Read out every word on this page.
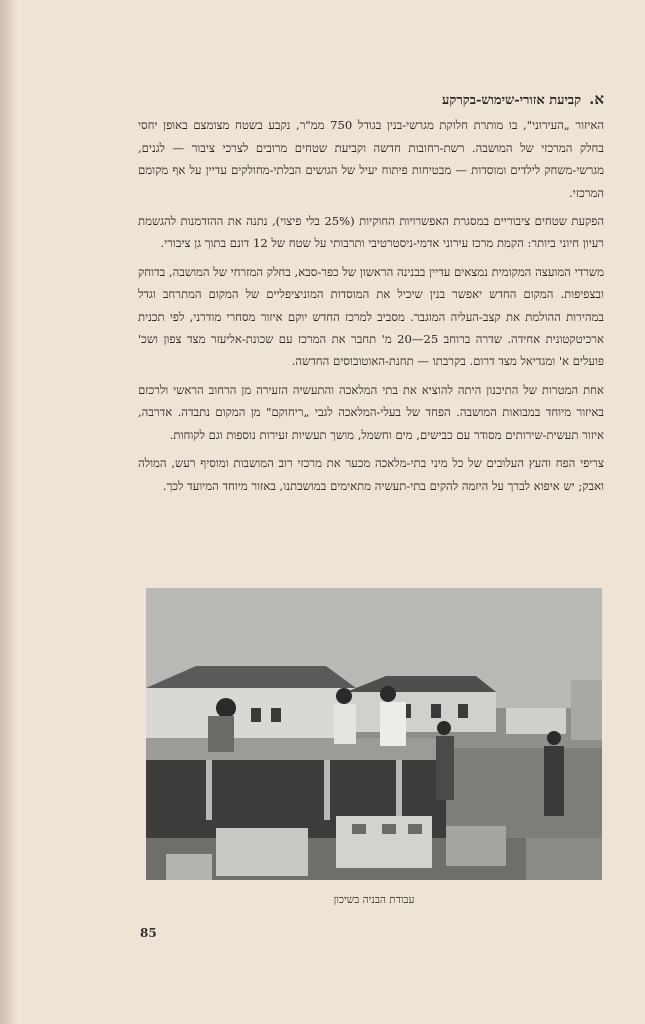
א.
קביעת אזורי-שימוש-בקרקע

האיזור „העירוני", בו מותרת חלוקת מגרשי-בנין בגודל 750 ממ"ר, נקבע בשטח מצומצם באופן יחסי בחלק המרכזי של המושבה. רשת-רחובות חדשה וקביעת שטחים מרובים לצרכי ציבור — לגנים, מגרשי-משחק לילדים ומוסדות — מבטיחות פיתוח יעיל של הגושים הבלתי-מחולקים עדיין על אף מקומם המרכזי.

הפקעת שטחים ציבוריים במסגרת האפשרויות החוקיות (25% בלי פיצוי), נתנה את ההזדמנות להגשמת רעיון חיוני ביותר: הקמת מרכז עירוני אדמי-ניסטרטיבי ותרבותי על שטח של 12 דונם בתוך גן ציבורי.

משרדי המועצה המקומית נמצאים עדיין בבנינה הראשון של כפר-סבא, בחלק המזרחי של המושבה, בדוחק ובצפיפות. המקום החדש יאפשר בנין שיכיל את המוסדות המוניציפליים של המקום המתרחב וגדל במהירות ההולמת את קצב-העליה המוגבר. מסביב למרכז החדש יוקם איזור מסחרי מודרני, לפי תכנית ארכיטקטונית אחידה. שדרה ברוחב 25—20 מ' תחבר את המרכז עם שכונת-אליעזר מצד צפון ושכ' פועלים א' ומגדיאל מצד דרום. בקרבתו — תחנת-האוטובוסים החדשה.

אחת המטרות של התיכנון היתה להוציא את בתי המלאכה והתעשיה הזעירה מן הרחוב הראשי ולרכזם באיזור מיוחד במבואות המושבה. הפחד של בעלי-המלאכה לגבי „ריחוקם" מן המקום נתבדה. אדרבה, איזור תעשית-שירותים מסודר עם כבישים, מים וחשמל, מושך תעשיות זעירות נוספות וגם לקוחות.

צריפי הפח והעץ העלובים של כל מיני בתי-מלאכה מכער את מרכזי רוב המושבות ומוסיף רעש, המולה ואבק; יש איפוא לברך על היזמה להקים בתי-תעשיה מתאימים במושבתנו, באזור מיוחד המיועד לכך.

עבודת הבניה בשיכון
85
